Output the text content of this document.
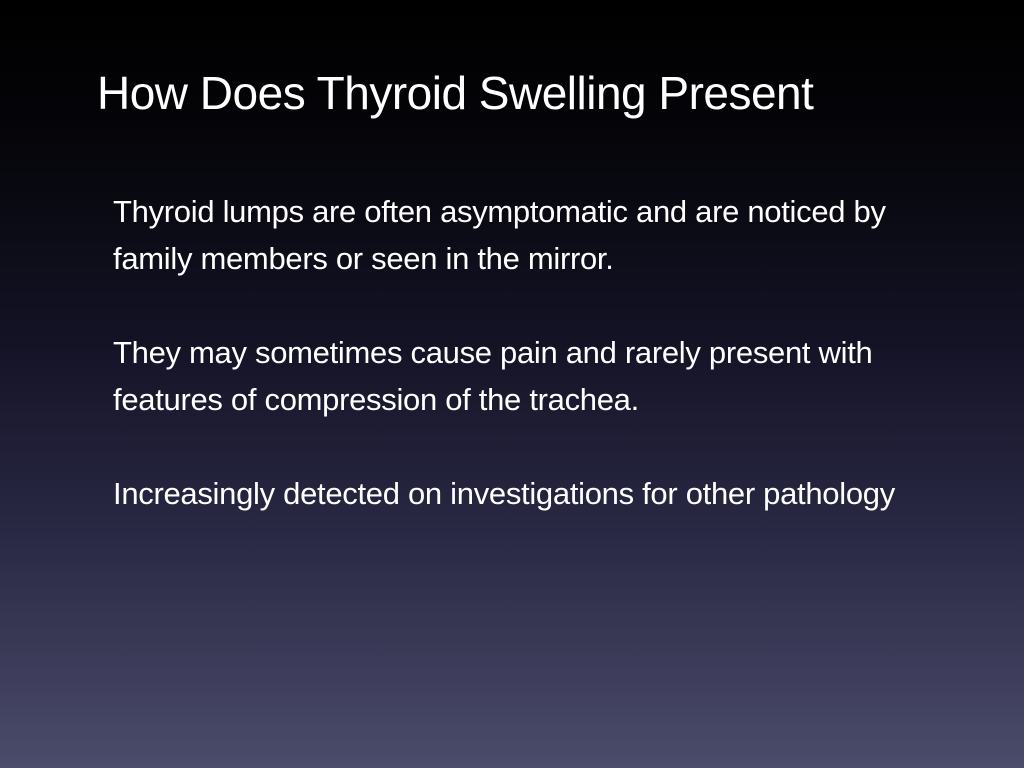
How Does Thyroid Swelling Present

Thyroid lumps are often asymptomatic and are noticed by family members or seen in the mirror.

They may sometimes cause pain and rarely present with features of compression of the trachea.

Increasingly detected on investigations for other pathology
